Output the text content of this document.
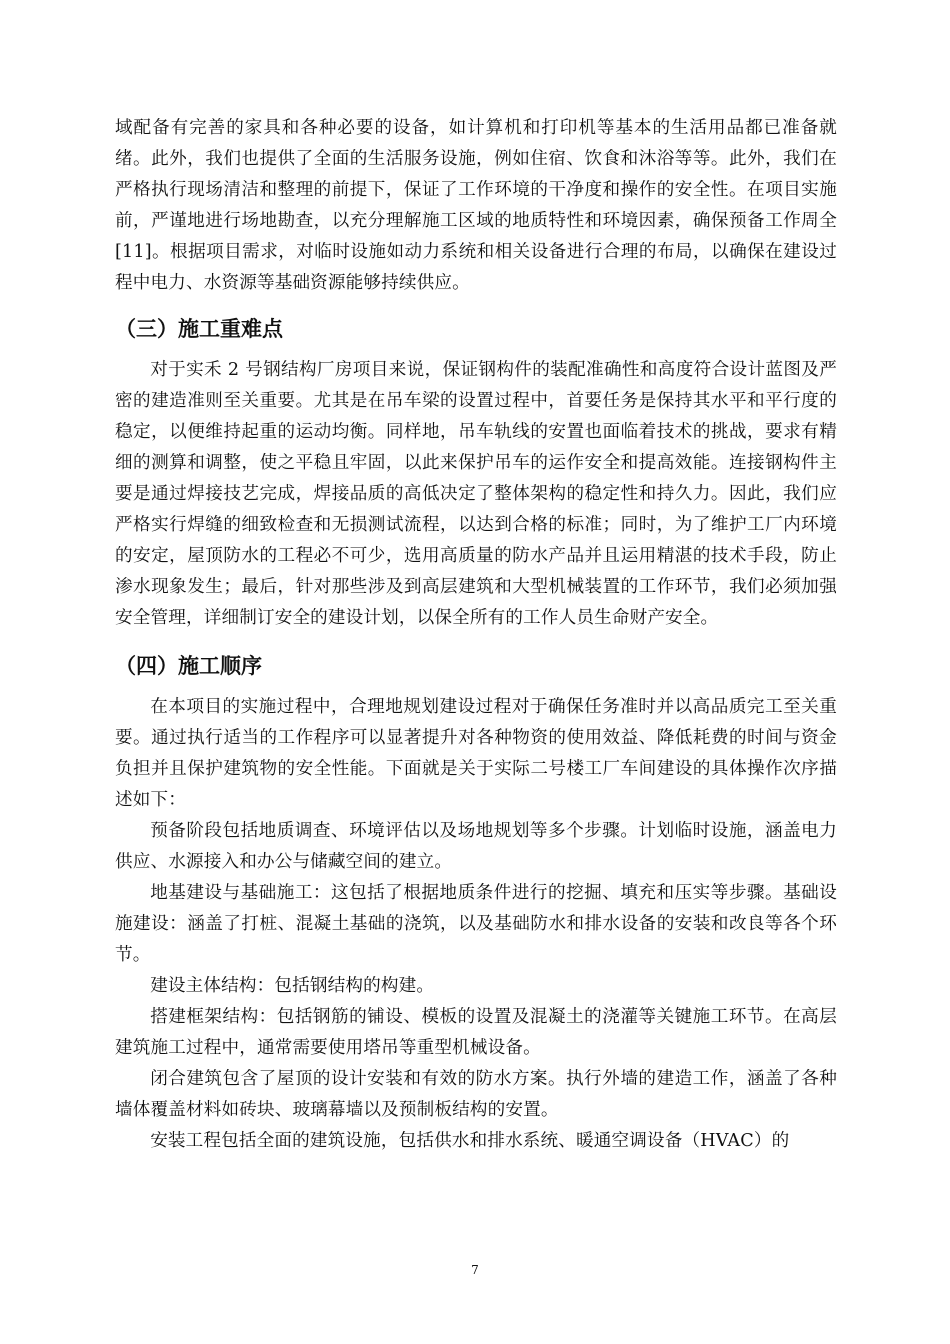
域配备有完善的家具和各种必要的设备，如计算机和打印机等基本的生活用品都已准备就绪。此外，我们也提供了全面的生活服务设施，例如住宿、饮食和沐浴等等。此外，我们在严格执行现场清洁和整理的前提下，保证了工作环境的干净度和操作的安全性。在项目实施前，严谨地进行场地勘查，以充分理解施工区域的地质特性和环境因素，确保预备工作周全[11]。根据项目需求，对临时设施如动力系统和相关设备进行合理的布局，以确保在建设过程中电力、水资源等基础资源能够持续供应。

（三）施工重难点

对于实禾 2 号钢结构厂房项目来说，保证钢构件的装配准确性和高度符合设计蓝图及严密的建造准则至关重要。尤其是在吊车梁的设置过程中，首要任务是保持其水平和平行度的稳定，以便维持起重的运动均衡。同样地，吊车轨线的安置也面临着技术的挑战，要求有精细的测算和调整，使之平稳且牢固，以此来保护吊车的运作安全和提高效能。连接钢构件主要是通过焊接技艺完成，焊接品质的高低决定了整体架构的稳定性和持久力。因此，我们应严格实行焊缝的细致检查和无损测试流程，以达到合格的标准；同时，为了维护工厂内环境的安定，屋顶防水的工程必不可少，选用高质量的防水产品并且运用精湛的技术手段，防止渗水现象发生；最后，针对那些涉及到高层建筑和大型机械装置的工作环节，我们必须加强安全管理，详细制订安全的建设计划，以保全所有的工作人员生命财产安全。

（四）施工顺序

在本项目的实施过程中，合理地规划建设过程对于确保任务准时并以高品质完工至关重要。通过执行适当的工作程序可以显著提升对各种物资的使用效益、降低耗费的时间与资金负担并且保护建筑物的安全性能。下面就是关于实际二号楼工厂车间建设的具体操作次序描述如下：

预备阶段包括地质调查、环境评估以及场地规划等多个步骤。计划临时设施，涵盖电力供应、水源接入和办公与储藏空间的建立。

地基建设与基础施工：这包括了根据地质条件进行的挖掘、填充和压实等步骤。基础设施建设：涵盖了打桩、混凝土基础的浇筑，以及基础防水和排水设备的安装和改良等各个环节。

建设主体结构：包括钢结构的构建。

搭建框架结构：包括钢筋的铺设、模板的设置及混凝土的浇灌等关键施工环节。在高层建筑施工过程中，通常需要使用塔吊等重型机械设备。

闭合建筑包含了屋顶的设计安装和有效的防水方案。执行外墙的建造工作，涵盖了各种墙体覆盖材料如砖块、玻璃幕墙以及预制板结构的安置。

安装工程包括全面的建筑设施，包括供水和排水系统、暖通空调设备（HVAC）的

7
